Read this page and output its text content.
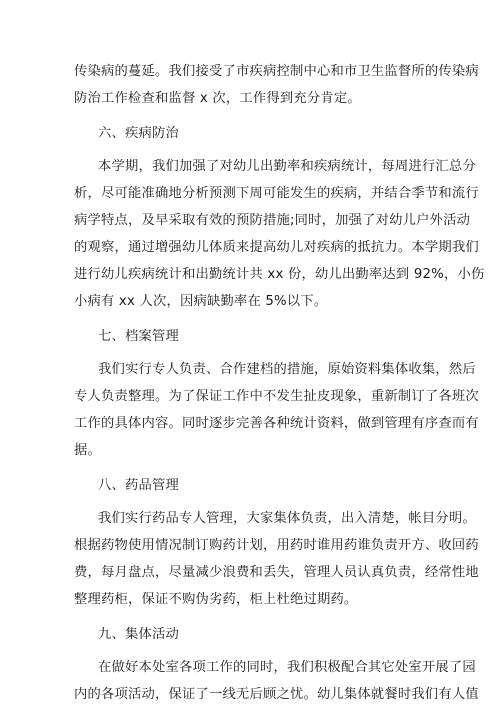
传染病的蔓延。我们接受了市疾病控制中心和市卫生监督所的传染病
防治工作检查和监督 x 次，工作得到充分肯定。
六、疾病防治
本学期，我们加强了对幼儿出勤率和疾病统计，每周进行汇总分
析，尽可能准确地分析预测下周可能发生的疾病，并结合季节和流行
病学特点，及早采取有效的预防措施;同时，加强了对幼儿户外活动
的观察，通过增强幼儿体质来提高幼儿对疾病的抵抗力。本学期我们
进行幼儿疾病统计和出勤统计共 xx 份，幼儿出勤率达到 92%，小伤
小病有 xx 人次，因病缺勤率在 5%以下。
七、档案管理
我们实行专人负责、合作建档的措施，原始资料集体收集，然后
专人负责整理。为了保证工作中不发生扯皮现象，重新制订了各班次
工作的具体内容。同时逐步完善各种统计资料，做到管理有序查而有
据。
八、药品管理
我们实行药品专人管理，大家集体负责，出入清楚，帐目分明。
根据药物使用情况制订购药计划，用药时谁用药谁负责开方、收回药
费，每月盘点，尽量减少浪费和丢失，管理人员认真负责，经常性地
整理药柜，保证不购伪劣药，柜上杜绝过期药。
九、集体活动
在做好本处室各项工作的同时，我们积极配合其它处室开展了园
内的各项活动，保证了一线无后顾之忧。幼儿集体就餐时我们有人值
